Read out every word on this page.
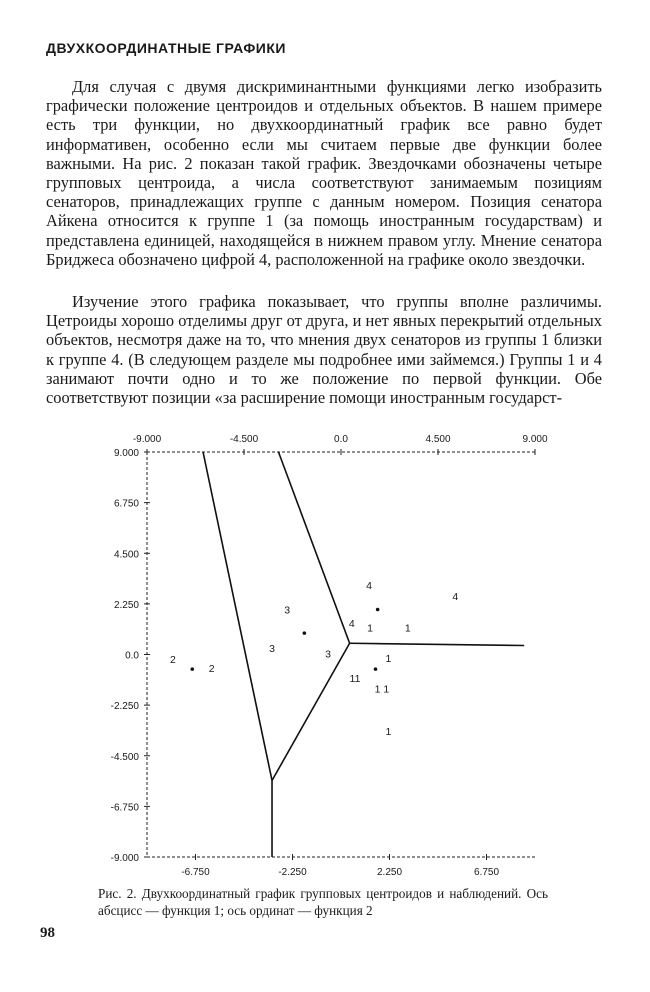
ДВУХКООРДИНАТНЫЕ ГРАФИКИ

Для случая с двумя дискриминантными функциями легко изобразить графически положение центроидов и отдельных объектов. В нашем примере есть три функции, но двухкоординатный график все равно будет информативен, особенно если мы считаем первые две функции более важными. На рис. 2 показан такой график. Звездочками обозначены четыре групповых центроида, а числа соответствуют занимаемым позициям сенаторов, принадлежащих группе с данным номером. Позиция сенатора Айкена относится к группе 1 (за помощь иностранным государствам) и представлена единицей, находящейся в нижнем правом углу. Мнение сенатора Бриджеса обозначено цифрой 4, расположенной на графике около звездочки.

Изучение этого графика показывает, что группы вполне различимы. Цетроиды хорошо отделимы друг от друга, и нет явных перекрытий отдельных объектов, несмотря даже на то, что мнения двух сенаторов из группы 1 близки к группе 4. (В следующем разделе мы подробнее ими займемся.) Группы 1 и 4 занимают почти одно и то же положение по первой функции. Обе соответствуют позиции «за расширение помощи иностранным государст-

-9.000	-4.500	0.0	4.500	9.000
-6.750	-2.250	2.250	6.750
9.000
6.750
4.500
2.250
0.0
-2.250
-4.500
-6.750
-9.000
2
2
3
3	3
4
4
4
1	1
1
11
1 1
1

Рис. 2. Двухкоординатный график групповых центроидов и наблюдений. Ось абсцисс — функция 1; ось ординат — функция 2

98
